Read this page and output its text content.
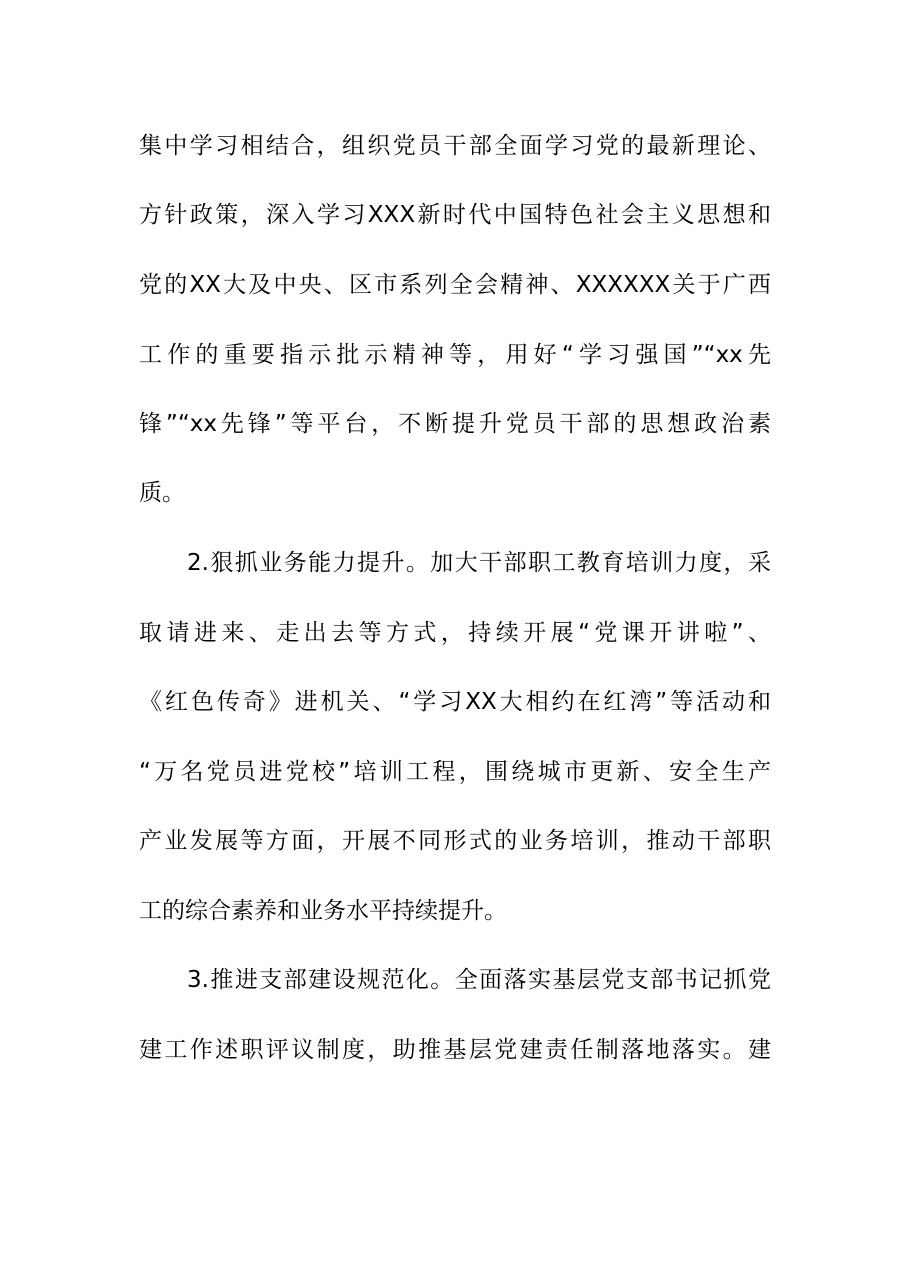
集中学习相结合，组织党员干部全面学习党的最新理论、
方针政策，深入学习XXX新时代中国特色社会主义思想和
党的XX大及中央、区市系列全会精神、XXXXXX关于广西
工作的重要指示批示精神等，用好“学习强国”“xx先
锋”“xx先锋”等平台，不断提升党员干部的思想政治素
质。
2.狠抓业务能力提升。加大干部职工教育培训力度，采
取请进来、走出去等方式，持续开展“党课开讲啦”、
《红色传奇》进机关、“学习XX大相约在红湾”等活动和
“万名党员进党校”培训工程，围绕城市更新、安全生产
产业发展等方面，开展不同形式的业务培训，推动干部职
工的综合素养和业务水平持续提升。
3.推进支部建设规范化。全面落实基层党支部书记抓党
建工作述职评议制度，助推基层党建责任制落地落实。建
